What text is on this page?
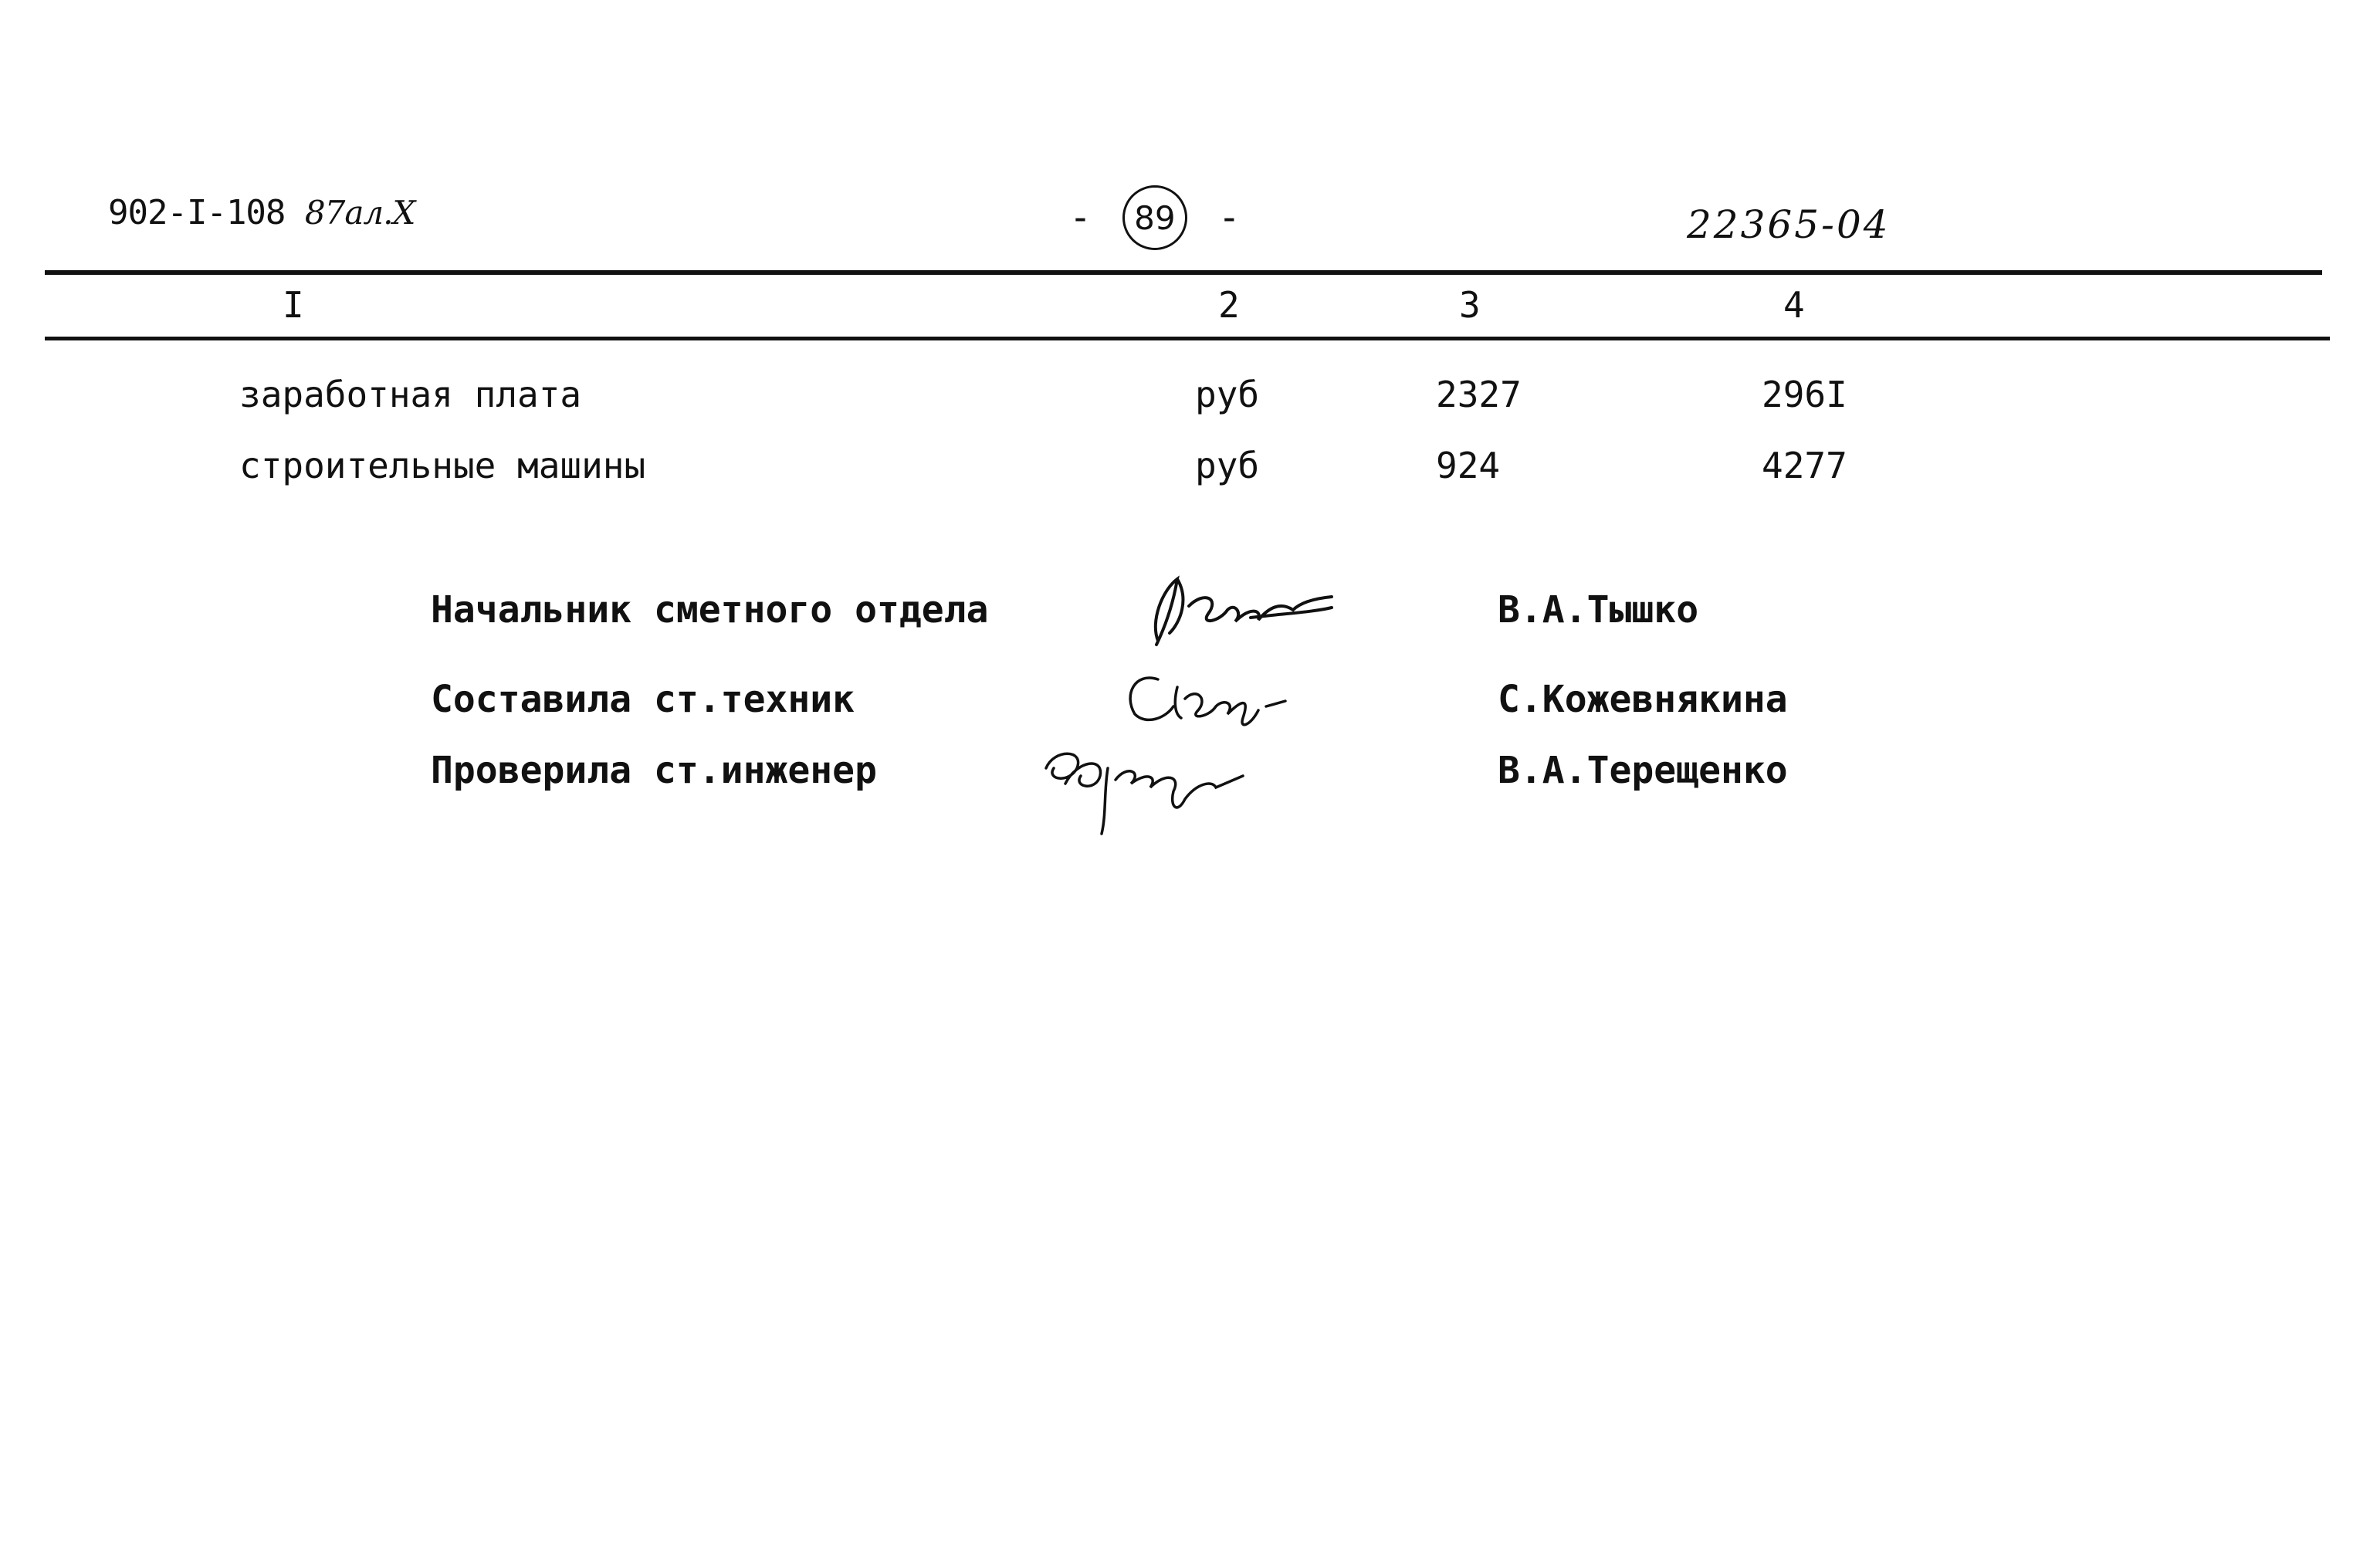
902-I-108 87ал.X	- 89 -	22365-04
I	2	3	4
заработная плата	руб	2327	296I
строительные машины	руб	924	4277
Начальник сметного отдела	В.А.Тышко
Составила ст.техник	С.Кожевнякина
Проверила ст.инженер	В.А.Терещенко
